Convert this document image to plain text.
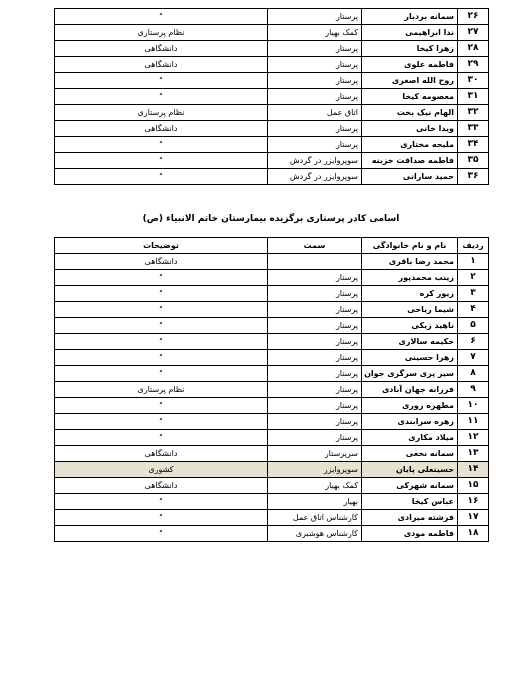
۲۶	سمانه بردبار	پرستار	"
۲۷	ندا ابراهیمی	کمک بهیار	نظام پرستاری
۲۸	زهرا کیخا	پرستار	دانشگاهی
۲۹	فاطمه علوی	پرستار	دانشگاهی
۳۰	روح الله اصغری	پرستار	"
۳۱	معصومه کیخا	پرستار	"
۳۲	الهام نیک بخت	اتاق عمل	نظام پرستاری
۳۳	ویدا خانی	پرستار	دانشگاهی
۳۴	ملیحه مختاری	پرستار	"
۳۵	فاطمه صداقت خزینه	سوپروایزر در گردش	"
۳۶	حمید سارانی	سوپروایزر در گردش	"
اسامی کادر پرستاری برگزیده بیمارستان خاتم الانبیاء (ص)
ردیف	نام و نام خانوادگی	سمت	توضیحات
۱	محمد رضا باقری		دانشگاهی
۲	زینب محمدپور	پرستار	"
۳	زیور کره	پرستار	"
۴	شیما ریاحی	پرستار	"
۵	ناهید زیکی	پرستار	"
۶	حکیمه سالاری	پرستار	"
۷	زهرا حسینی	پرستار	"
۸	سیز پری سرگزی جوان	پرستار	"
۹	فرزانه جهان آبادی	پرستار	نظام پرستاری
۱۰	مطهره زوری	پرستار	"
۱۱	زهره سرابندی	پرستار	"
۱۲	میلاد مکاری	پرستار	"
۱۳	سمانه نخعی	سرپرستار	دانشگاهی
۱۴	حسینعلی پایان	سوپروایزر	کشوری
۱۵	سمانه شهرکی	کمک بهیار	دانشگاهی
۱۶	عباس کیخا	بهیار	"
۱۷	فرشته میرادی	کارشناس اتاق عمل	"
۱۸	فاطمه مودی	کارشناس هوشبری	"
